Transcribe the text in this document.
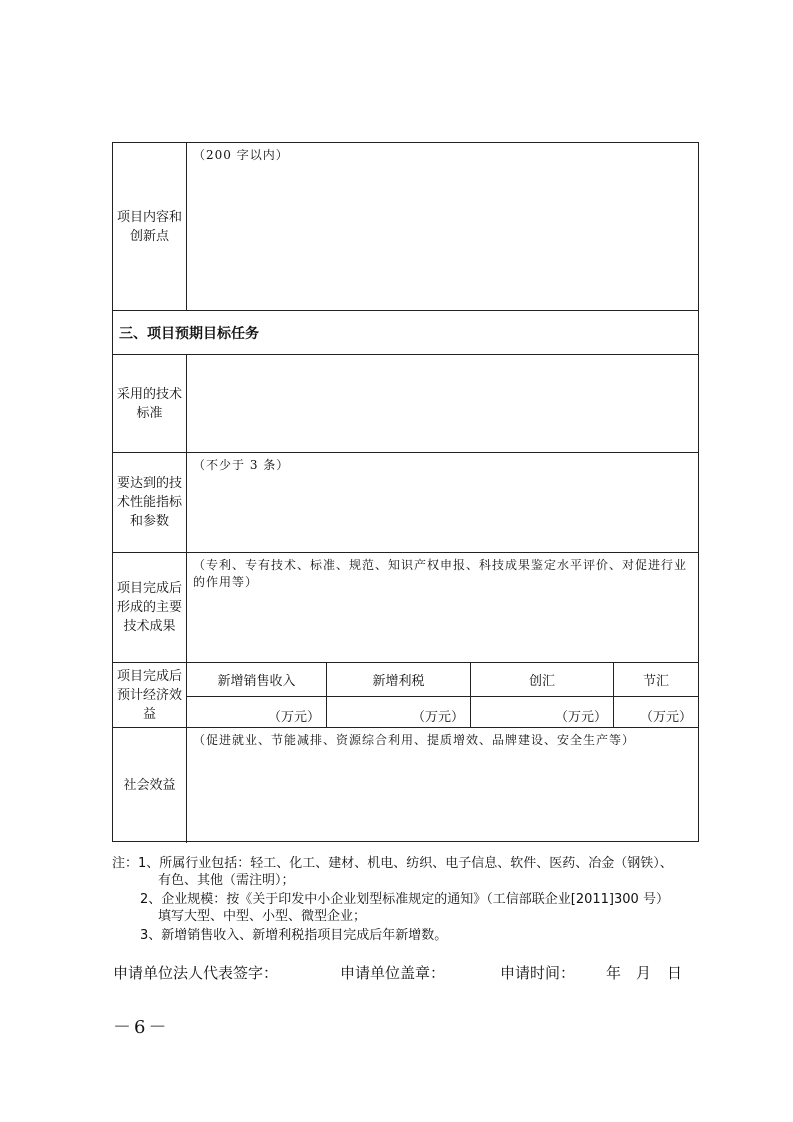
项目内容和创新点
（200 字以内）
三、项目预期目标任务
采用的技术标准
要达到的技术性能指标和参数
（不少于 3 条）
项目完成后形成的主要技术成果
（专利、专有技术、标准、规范、知识产权申报、科技成果鉴定水平评价、对促进行业的作用等）
项目完成后预计经济效益
新增销售收入
（万元）
新增利税
（万元）
创汇
（万元）
节汇
（万元）
社会效益
（促进就业、节能减排、资源综合利用、提质增效、品牌建设、安全生产等）
注：1、所属行业包括：轻工、化工、建材、机电、纺织、电子信息、软件、医药、冶金（钢铁）、
有色、其他（需注明）；
2、企业规模：按《关于印发中小企业划型标准规定的通知》（工信部联企业[2011]300 号）
填写大型、中型、小型、微型企业；
3、新增销售收入、新增利税指项目完成后年新增数。
申请单位法人代表签字：	申请单位盖章：	申请时间： 年 月 日
－6－
